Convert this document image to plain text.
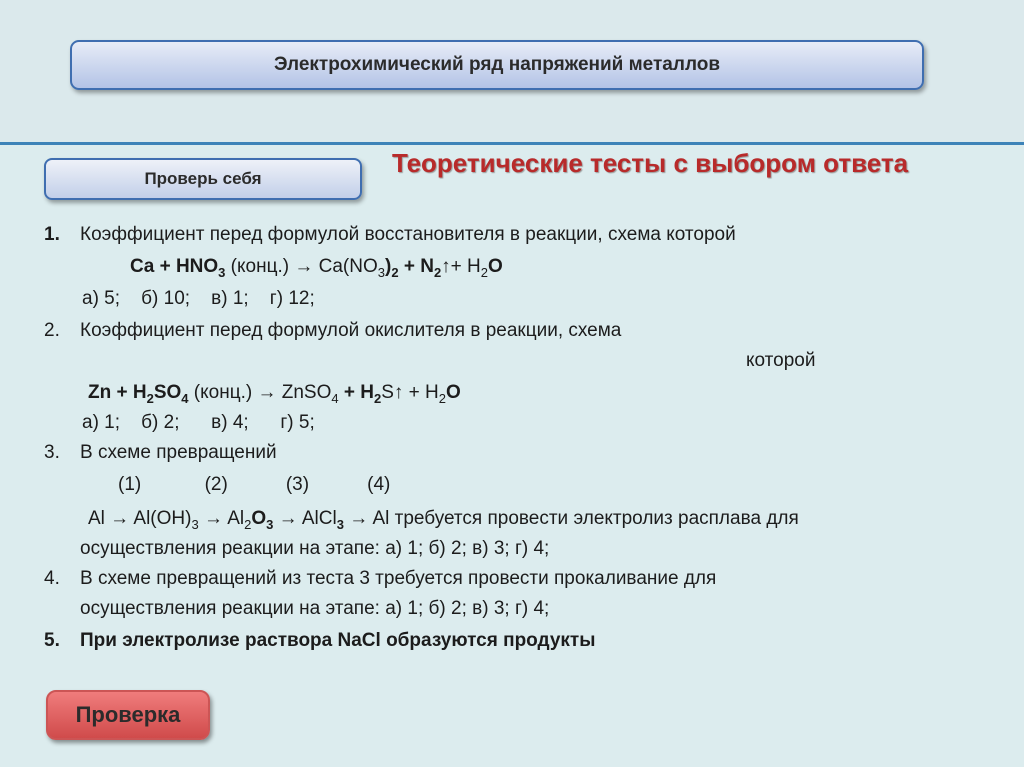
Электрохимический ряд напряжений металлов
Проверь себя
Теоретические тесты с выбором ответа
1. Коэффициент перед формулой восстановителя в реакции, схема которой
$Ca + HNO_3$ (конц.) → $Ca(NO_3)_2$ + $N_2↑+ H_2O$
а) 5;    б) 10;    в) 1;    г) 12;
2. Коэффициент перед формулой окислителя в реакции, схема
которой
$Zn + H_2SO_4$ (конц.) → ZnSO$_4$ + $H_2S↑ + H_2O$
а) 1;    б) 2;      в) 4;      г) 5;
3. В схеме превращений
(1)            (2)           (3)           (4)
$Al \to Al(OH)_3 \to Al_2O_3$ → AlCl$_3$ → Al требуется провести электролиз расплава для
осуществления реакции на этапе: а) 1; б) 2; в) 3; г) 4;
4. В схеме превращений из теста 3 требуется провести прокаливание для
осуществления реакции на этапе: а) 1; б) 2; в) 3; г) 4;
5. При электролизе раствора NaCl образуются продукты
Проверка
